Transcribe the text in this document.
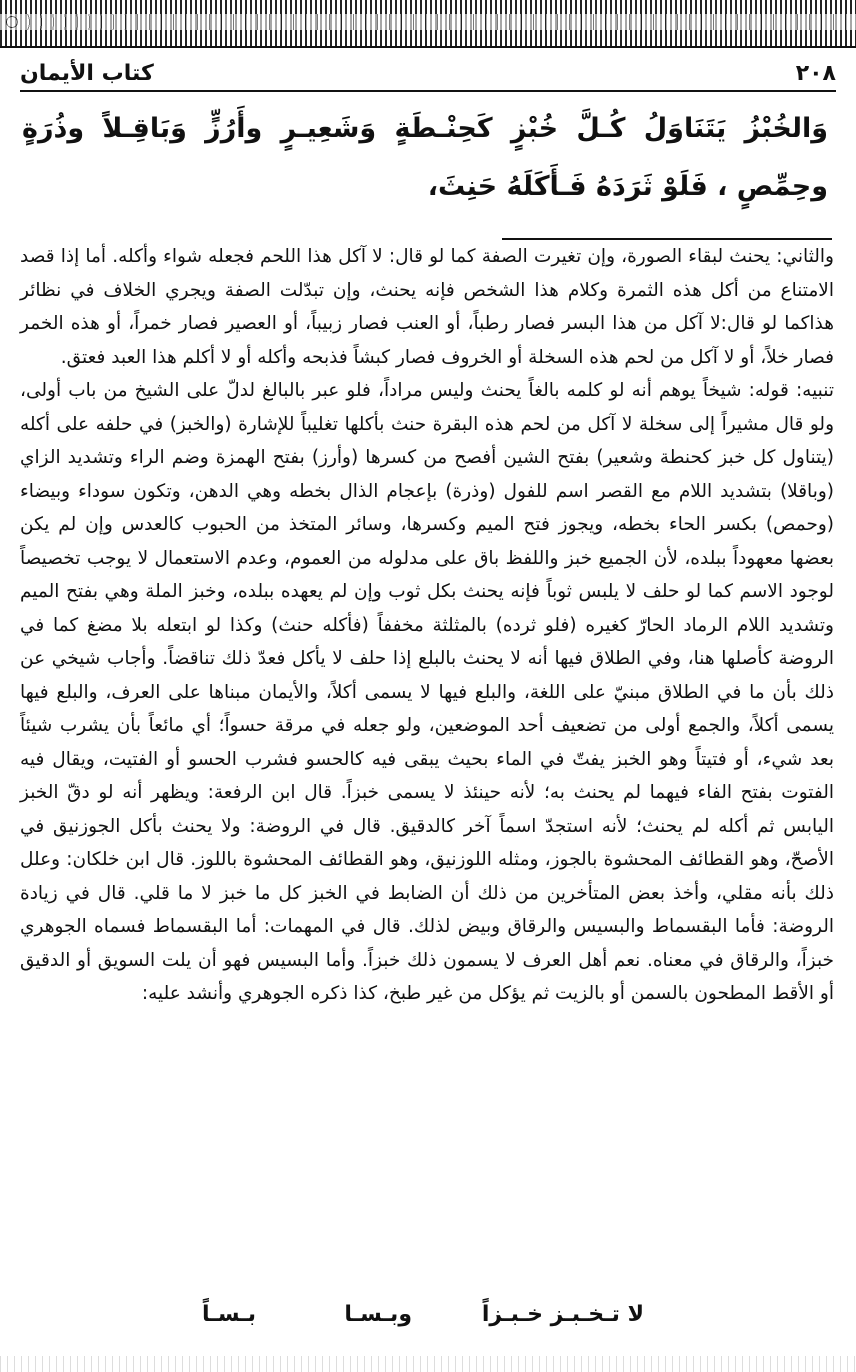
٢٠٨
كتاب الأيمان
وَالخُبْزُ يَتَنَاوَلُ كُـلَّ خُبْزٍ كَحِنْـطَةٍ وَشَعِيـرٍ وأَرُزٍّ وَبَاقِـلاً وذُرَةٍ وحِمِّصٍ ، فَلَوْ ثَرَدَهُ فَـأَكَلَهُ حَنِثَ،

والثاني: يحنث لبقاء الصورة، وإن تغيرت الصفة كما لو قال: لا آكل هذا اللحم فجعله شواء وأكله. أما إذا قصد الامتناع من أكل هذه الثمرة وكلام هذا الشخص فإنه يحنث، وإن تبدّلت الصفة ويجري الخلاف في نظائر هذاكما لو قال:لا آكل من هذا البسر فصار رطباً، أو العنب فصار زبيباً، أو العصير فصار خمراً، أو هذه الخمر فصار خلاً، أو لا آكل من لحم هذه السخلة أو الخروف فصار كبشاً فذبحه وأكله أو لا أكلم هذا العبد فعتق.

تنبيه: قوله: شيخاً يوهم أنه لو كلمه بالغاً يحنث وليس مراداً، فلو عبر بالبالغ لدلّ على الشيخ من باب أولى، ولو قال مشيراً إلى سخلة لا آكل من لحم هذه البقرة حنث بأكلها تغليباً للإشارة (والخبز) في حلفه على أكله (يتناول كل خبز كحنطة وشعير) بفتح الشين أفصح من كسرها (وأرز) بفتح الهمزة وضم الراء وتشديد الزاي (وباقلا) بتشديد اللام مع القصر اسم للفول (وذرة) بإعجام الذال بخطه وهي الدهن، وتكون سوداء وبيضاء (وحمص) بكسر الحاء بخطه، ويجوز فتح الميم وكسرها، وسائر المتخذ من الحبوب كالعدس وإن لم يكن بعضها معهوداً ببلده، لأن الجميع خبز واللفظ باق على مدلوله من العموم، وعدم الاستعمال لا يوجب تخصيصاً لوجود الاسم كما لو حلف لا يلبس ثوباً فإنه يحنث بكل ثوب وإن لم يعهده ببلده، وخبز الملة وهي بفتح الميم وتشديد اللام الرماد الحارّ كغيره (فلو ثرده) بالمثلثة مخففاً (فأكله حنث) وكذا لو ابتعله بلا مضغ كما في الروضة كأصلها هنا، وفي الطلاق فيها أنه لا يحنث بالبلع إذا حلف لا يأكل فعدّ ذلك تناقضاً. وأجاب شيخي عن ذلك بأن ما في الطلاق مبنيّ على اللغة، والبلع فيها لا يسمى أكلاً، والأيمان مبناها على العرف، والبلع فيها يسمى أكلاً، والجمع أولى من تضعيف أحد الموضعين، ولو جعله في مرقة حسواً؛ أي مائعاً بأن يشرب شيئاً بعد شيء، أو فتيتاً وهو الخبز يفتّ في الماء بحيث يبقى فيه كالحسو فشرب الحسو أو الفتيت، ويقال فيه الفتوت بفتح الفاء فيهما لم يحنث به؛ لأنه حينئذ لا يسمى خبزاً. قال ابن الرفعة: ويظهر أنه لو دقّ الخبز اليابس ثم أكله لم يحنث؛ لأنه استجدّ اسماً آخر كالدقيق. قال في الروضة: ولا يحنث بأكل الجوزنيق في الأصحّ، وهو القطائف المحشوة بالجوز، ومثله اللوزنيق، وهو القطائف المحشوة باللوز. قال ابن خلكان: وعلل ذلك بأنه مقلي، وأخذ بعض المتأخرين من ذلك أن الضابط في الخبز كل ما خبز لا ما قلي. قال في زيادة الروضة: فأما البقسماط والبسيس والرقاق وبيض لذلك. قال في المهمات: أما البقسماط فسماه الجوهري خبزاً، والرقاق في معناه. نعم أهل العرف لا يسمون ذلك خبزاً. وأما البسيس فهو أن يلت السويق أو الدقيق أو الأقط المطحون بالسمن أو بالزيت ثم يؤكل من غير طبخ، كذا ذكره الجوهري وأنشد عليه:

لا تـخـبـز خـبـزاً
وبـسـا
بـسـاً
